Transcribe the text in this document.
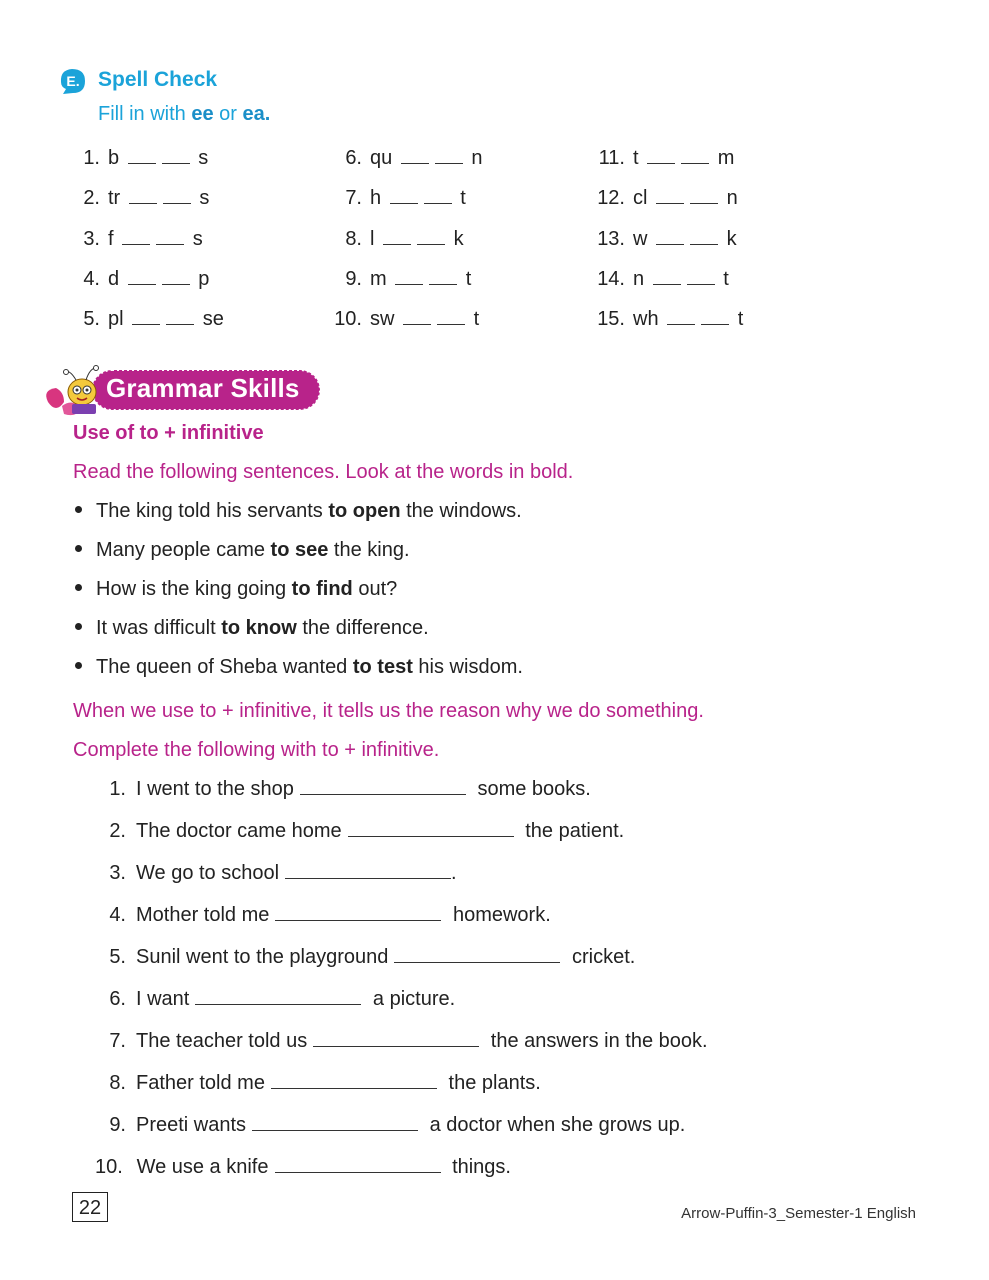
E. Spell Check
Fill in with ee or ea.
1. b	s
2. tr	s
3. f	s
4. d	p
5. pl	se
6. qu	n
7. h	t
8. l	k
9. m	t
10. sw	t
11. t	m
12. cl	n
13. w	k
14. n	t
15. wh	t
Grammar Skills
Use of to + infinitive
Read the following sentences. Look at the words in bold.
The king told his servants to open the windows.
Many people came to see the king.
How is the king going to find out?
It was difficult to know the difference.
The queen of Sheba wanted to test his wisdom.
When we use to + infinitive, it tells us the reason why we do something.
Complete the following with to + infinitive.
1. I went to the shop	some books.
2. The doctor came home	the patient.
3. We go to school	.
4. Mother told me	homework.
5. Sunil went to the playground	cricket.
6. I want	a picture.
7. The teacher told us	the answers in the book.
8. Father told me	the plants.
9. Preeti wants	a doctor when she grows up.
10. We use a knife	things.
22	Arrow-Puffin-3_Semester-1 English
